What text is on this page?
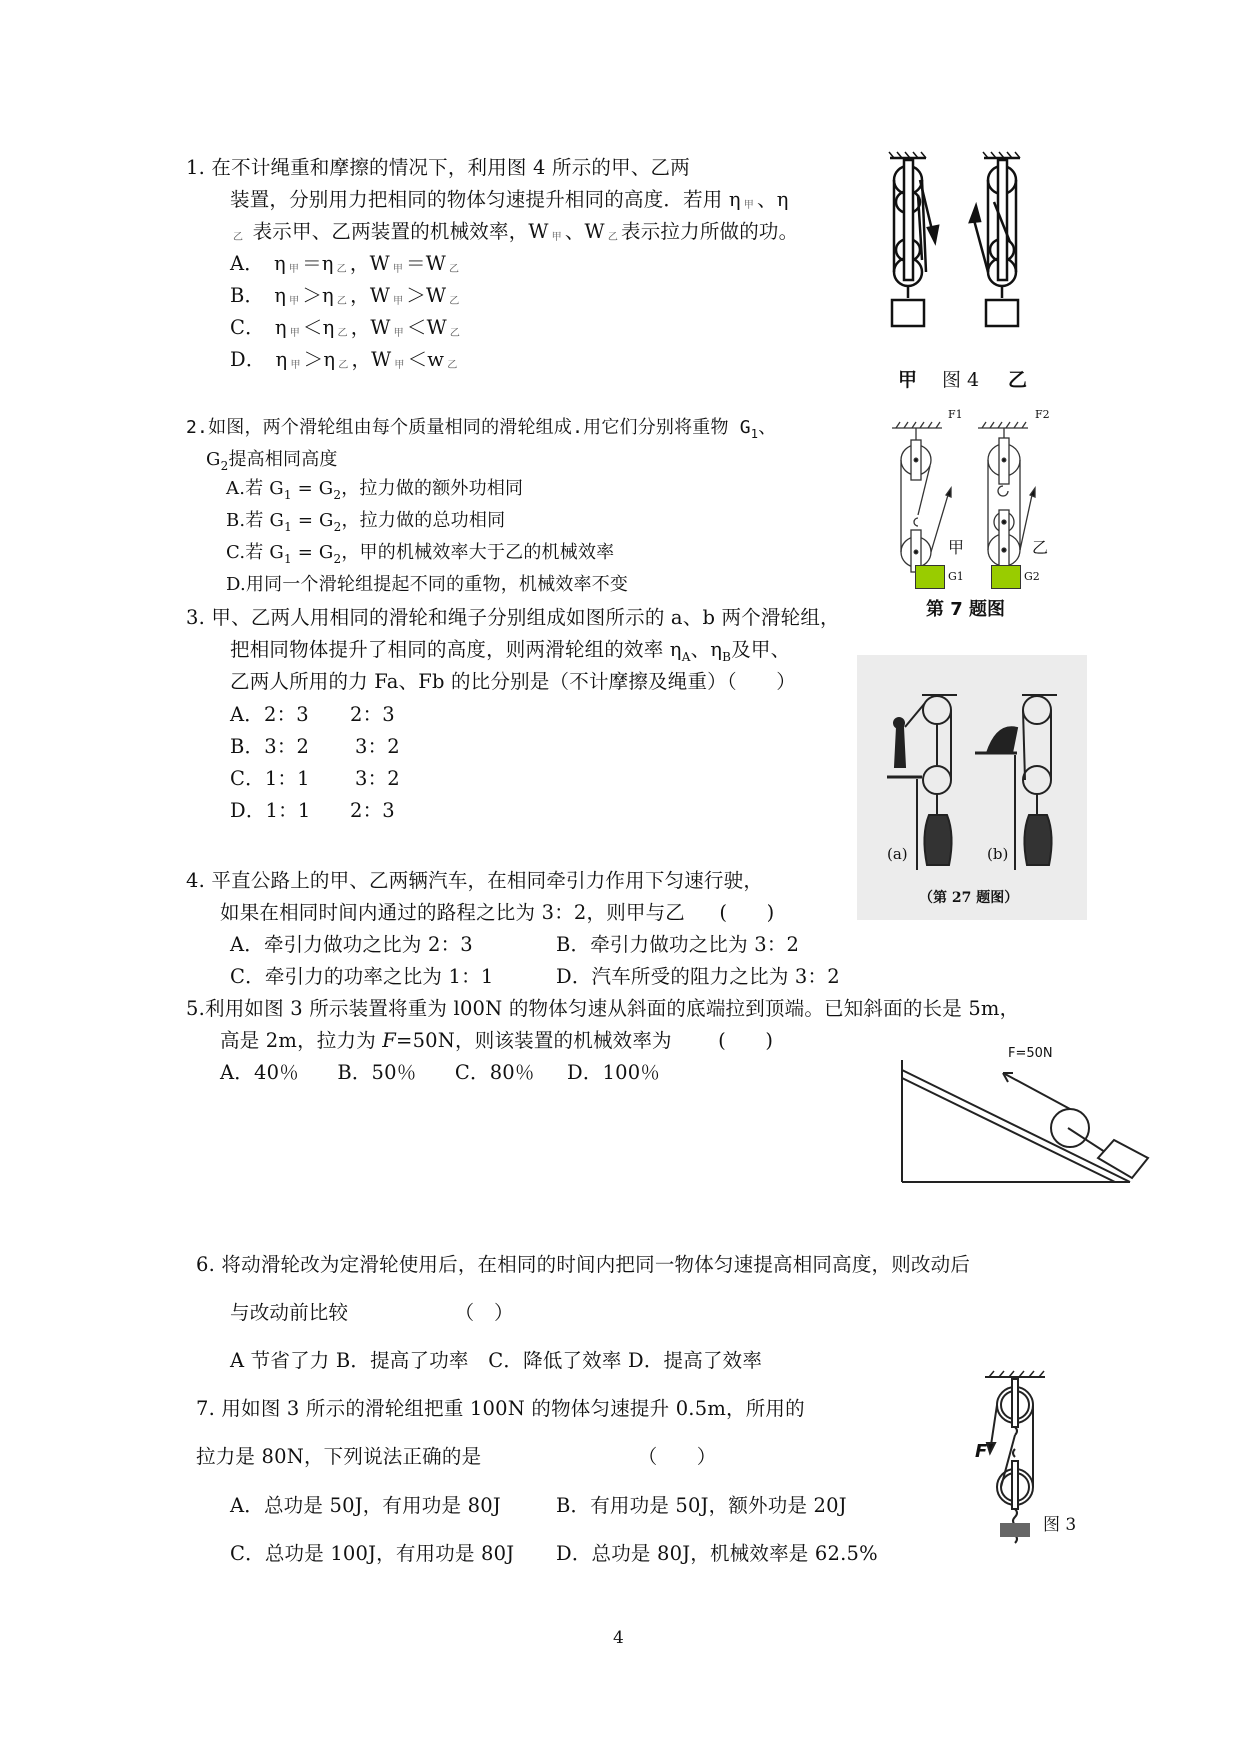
1. 在不计绳重和摩擦的情况下，利用图 4 所示的甲、乙两
装置，分别用力把相同的物体匀速提升相同的高度．若用 η $_甲$ 、η
$_乙$ 表示甲、乙两装置的机械效率，W $_甲$ 、W $_乙$ 表示拉力所做的功。
A． η $_甲$ ＝η $_乙$ ，W $_甲$ ＝W $_乙$
B． η $_甲$ ＞η $_乙$ ，W $_甲$ ＞W $_乙$
C． η $_甲$ ＜η $_乙$ ，W $_甲$ ＜W $_乙$
D． η $_甲$ ＞η $_乙$ ，W $_甲$ ＜w $_乙$
甲 图 4 乙
2.如图，两个滑轮组由每个质量相同的滑轮组成.用它们分别将重物 $G_1$、
$G_2$提高相同高度
A.若 $G_1 = G_2$，拉力做的额外功相同
B.若 $G_1 = G_2$，拉力做的总功相同
C.若 $G_1 = G_2$，甲的机械效率大于乙的机械效率
D.用同一个滑轮组提起不同的重物，机械效率不变
F1	F2
甲	乙
G1	G2
第 7 题图
3. 甲、乙两人用相同的滑轮和绳子分别组成如图所示的 a、b 两个滑轮组，
把相同物体提升了相同的高度，则两滑轮组的效率 $\eta_A$、$\eta_B$及甲、
乙两人所用的力 Fa、Fb 的比分别是（不计摩擦及绳重）（　　）
A．2：3 2：3
B．3：2 3：2
C．1：1 3：2
D．1：1 2：3
(a)	(b)
（第 27 题图）
4. 平直公路上的甲、乙两辆汽车，在相同牵引力作用下匀速行驶，
如果在相同时间内通过的路程之比为 3：2，则甲与乙 (　　)
A．牵引力做功之比为 2：3	B．牵引力做功之比为 3：2
C．牵引力的功率之比为 1：1	D．汽车所受的阻力之比为 3：2
5.利用如图 3 所示装置将重为 l00N 的物体匀速从斜面的底端拉到顶端。已知斜面的长是 5m，
高是 2m，拉力为 F=50N，则该装置的机械效率为 (　　)
A．40％ B．50％ C．80％ D．100％
F=50N
6. 将动滑轮改为定滑轮使用后，在相同的时间内把同一物体匀速提高相同高度，则改动后
与改动前比较	（　）
A 节省了力 B．提高了功率　C．降低了效率 D．提高了效率
7. 用如图 3 所示的滑轮组把重 100N 的物体匀速提升 0.5m，所用的
拉力是 80N，下列说法正确的是	（　　）
A．总功是 50J，有用功是 80J	B．有用功是 50J，额外功是 20J
C．总功是 100J，有用功是 80J D．总功是 80J，机械效率是 62.5%
F
图 3
4
